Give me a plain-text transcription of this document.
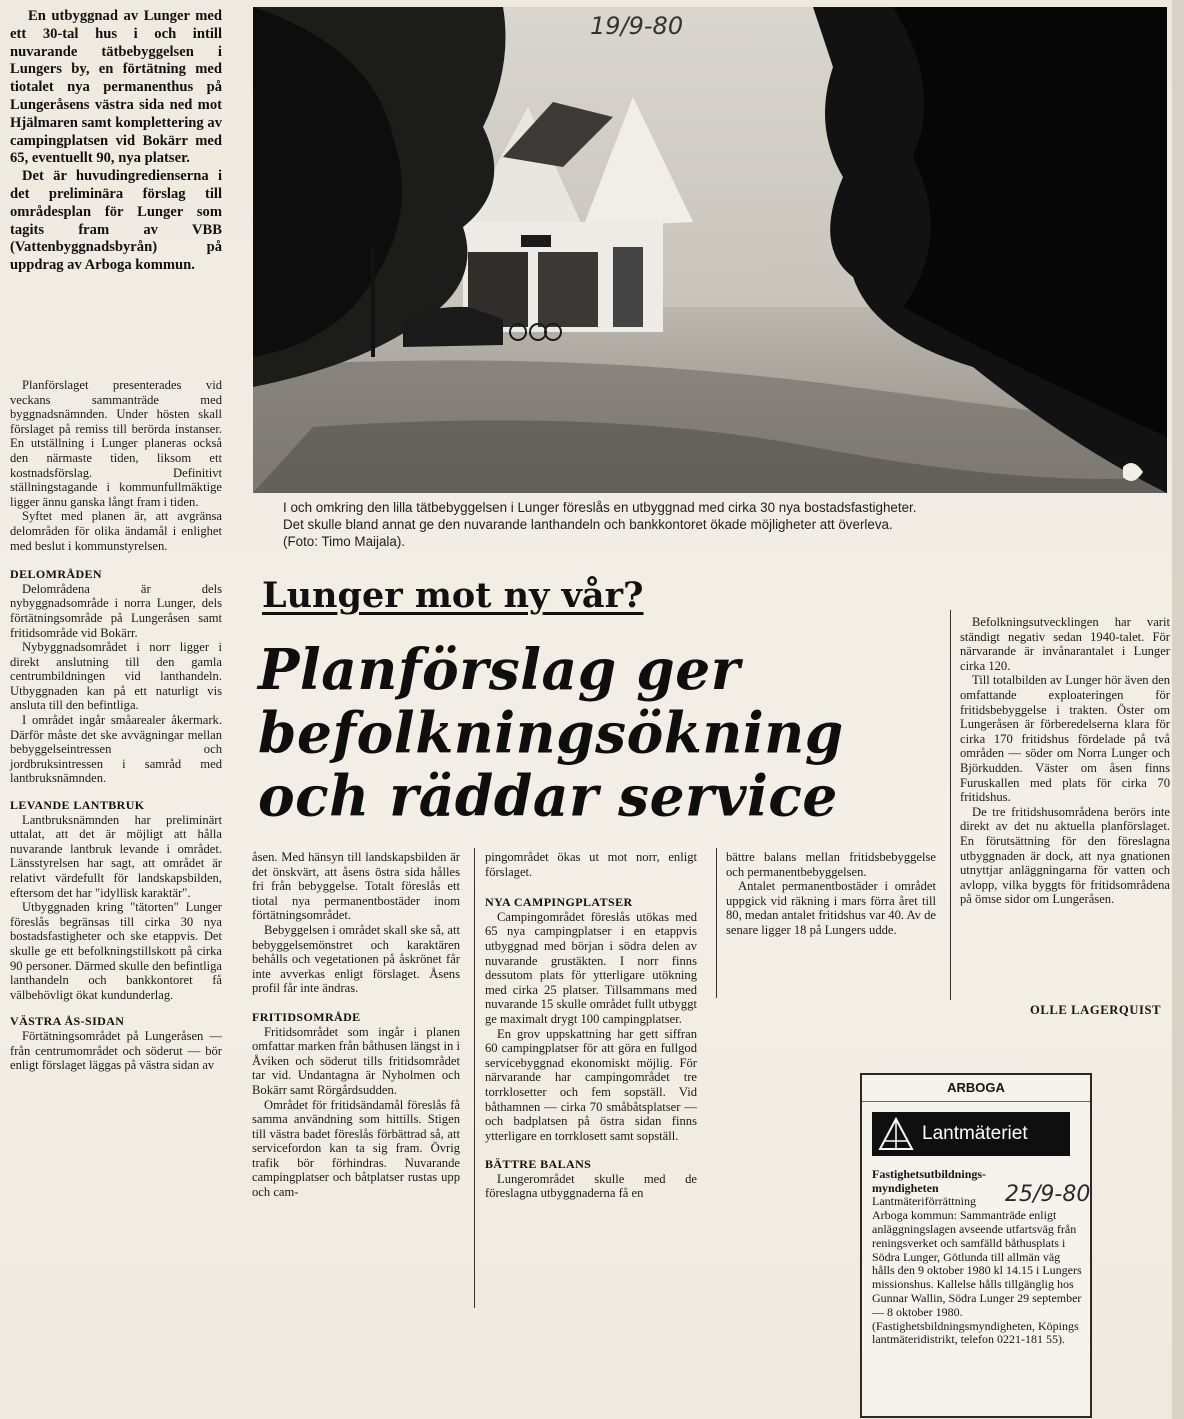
En utbyggnad av Lunger med ett 30-tal hus i och intill nuvarande tätbebyggelsen i Lungers by, en förtätning med tiotalet nya permanenthus på Lungeråsens västra sida ned mot Hjälmaren samt komplettering av campingplatsen vid Bokärr med 65, eventuellt 90, nya platser.

Det är huvudingredienserna i det preliminära förslag till områdesplan för Lunger som tagits fram av VBB (Vattenbyggnadsbyrån) på uppdrag av Arboga kommun.

Planförslaget presenterades vid veckans sammanträde med byggnadsnämnden. Under hösten skall förslaget på remiss till berörda instanser. En utställning i Lunger planeras också den närmaste tiden, liksom ett kostnadsförslag. Definitivt ställningstagande i kommunfullmäktige ligger ännu ganska långt fram i tiden.

Syftet med planen är, att avgränsa delområden för olika ändamål i enlighet med beslut i kommunstyrelsen.

DELOMRÅDEN

Delområdena är dels nybyggnadsområde i norra Lunger, dels förtätningsområde på Lungeråsen samt fritidsområde vid Bokärr.

Nybyggnadsområdet i norr ligger i direkt anslutning till den gamla centrumbildningen vid lanthandeln. Utbyggnaden kan på ett naturligt vis ansluta till den befintliga.

I området ingår småarealer åkermark. Därför måste det ske avvägningar mellan bebyggelseintressen och jordbruksintressen i samråd med lantbruksnämnden.

LEVANDE LANTBRUK

Lantbruksnämnden har preliminärt uttalat, att det är möjligt att hålla nuvarande lantbruk levande i området. Länsstyrelsen har sagt, att området är relativt värdefullt för landskapsbilden, eftersom det har "idyllisk karaktär".

Utbyggnaden kring "tätorten" Lunger föreslås begränsas till cirka 30 nya bostadsfastigheter och ske etappvis. Det skulle ge ett befolkningstillskott på cirka 90 personer. Därmed skulle den befintliga lanthandeln och bankkontoret få välbehövligt ökat kundunderlag.

VÄSTRA ÅS-SIDAN

Förtätningsområdet på Lungeråsen — från centrumområdet och söderut — bör enligt förslaget läggas på västra sidan av

19/9-80
I och omkring den lilla tätbebyggelsen i Lunger föreslås en utbyggnad med cirka 30 nya bostadsfastigheter. Det skulle bland annat ge den nuvarande lanthandeln och bankkontoret ökade möjligheter att överleva. (Foto: Timo Maijala).
Lunger mot ny vår?
Planförslag ger
befolkningsökning
och räddar service

åsen. Med hänsyn till landskapsbilden är det önskvärt, att åsens östra sida hålles fri från bebyggelse. Totalt föreslås ett tiotal nya permanentbostäder inom förtätningsområdet.

Bebyggelsen i området skall ske så, att bebyggelsemönstret och karaktären behålls och vegetationen på åskrönet får inte avverkas enligt förslaget. Åsens profil får inte ändras.

FRITIDSOMRÅDE

Fritidsområdet som ingår i planen omfattar marken från båthusen längst in i Åviken och söderut tills fritidsområdet tar vid. Undantagna är Nyholmen och Bokärr samt Rörgårdsudden.

Området för fritidsändamål föreslås få samma användning som hittills. Stigen till västra badet föreslås förbättrad så, att servicefordon kan ta sig fram. Övrig trafik bör förhindras. Nuvarande campingplatser och båtplatser rustas upp och cam-

pingområdet ökas ut mot norr, enligt förslaget.

NYA CAMPINGPLATSER

Campingområdet föreslås utökas med 65 nya campingplatser i en etappvis utbyggnad med början i södra delen av nuvarande grustäkten. I norr finns dessutom plats för ytterligare utökning med cirka 25 platser. Tillsammans med nuvarande 15 skulle området fullt utbyggt ge maximalt drygt 100 campingplatser.

En grov uppskattning har gett siffran 60 campingplatser för att göra en fullgod servicebyggnad ekonomiskt möjlig. För närvarande har campingområdet tre torrklosetter och fem sopställ. Vid båthamnen — cirka 70 småbåtsplatser — och badplatsen på östra sidan finns ytterligare en torrklosett samt sopställ.

BÄTTRE BALANS

Lungerområdet skulle med de föreslagna utbyggnaderna få en

bättre balans mellan fritidsbebyggelse och permanentbebyggelsen.

Antalet permanentbostäder i området uppgick vid räkning i mars förra året till 80, medan antalet fritidshus var 40. Av de senare ligger 18 på Lungers udde.

Befolkningsutvecklingen har varit ständigt negativ sedan 1940-talet. För närvarande är invånarantalet i Lunger cirka 120.

Till totalbilden av Lunger hör även den omfattande exploateringen för fritidsbebyggelse i trakten. Öster om Lungeråsen är förberedelserna klara för cirka 170 fritidshus fördelade på två områden — söder om Norra Lunger och Björkudden. Väster om åsen finns Furuskallen med plats för cirka 70 fritidshus.

De tre fritidshusområdena berörs inte direkt av det nu aktuella planförslaget. En förutsättning för den föreslagna utbyggnaden är dock, att nya gnationen utnyttjar anläggningarna för vatten och avlopp, vilka byggts för fritidsområdena på ömse sidor om Lungeråsen.

OLLE LAGERQUIST
ARBOGA
Lantmäteriet
Fastighetsutbildnings-myndigheten
Lantmäteriförrättning
Arboga kommun: Sammanträde enligt anläggningslagen avseende utfartsväg från reningsverket och samfälld båthusplats i Södra Lunger, Götlunda till allmän väg hålls den 9 oktober 1980 kl 14.15 i Lungers missionshus. Kallelse hålls tillgänglig hos Gunnar Wallin, Södra Lunger 29 september — 8 oktober 1980.
(Fastighetsbildningsmyndigheten, Köpings lantmäteridistrikt, telefon 0221-181 55).
25/9-80
